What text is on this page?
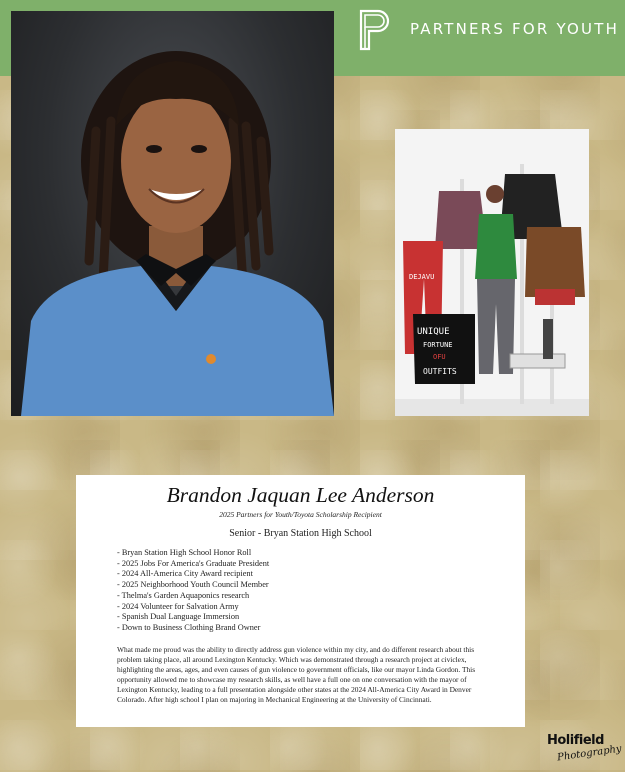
PARTNERS FOR YOUTH
DEJAVU
UNIQUE
FORTUNE
OFU
OUTFITS
Brandon Jaquan Lee Anderson
2025 Partners for Youth/Toyota Scholarship Recipient
Senior - Bryan Station High School
- Bryan Station High School Honor Roll
- 2025 Jobs For America's Graduate President
- 2024 All-America City Award recipient
- 2025 Neighborhood Youth Council Member
- Thelma's Garden Aquaponics research
- 2024 Volunteer for Salvation Army
- Spanish Dual Language Immersion
- Down to Business Clothing Brand Owner

What made me proud was the ability to directly address gun violence within my city, and do different research about this problem taking place, all around Lexington Kentucky. Which was demonstrated through a research project at civiclex, highlighting the areas, ages, and even causes of gun violence to government officials, like our mayor Linda Gordon. This opportunity allowed me to showcase my research skills, as well have a full one on one conversation with the mayor of Lexington Kentucky, leading to a full presentation alongside other states at the 2024 All-America City Award in Denver Colorado. After high school I plan on majoring in Mechanical Engineering at the University of Cincinnati.

Holifield
Photography
